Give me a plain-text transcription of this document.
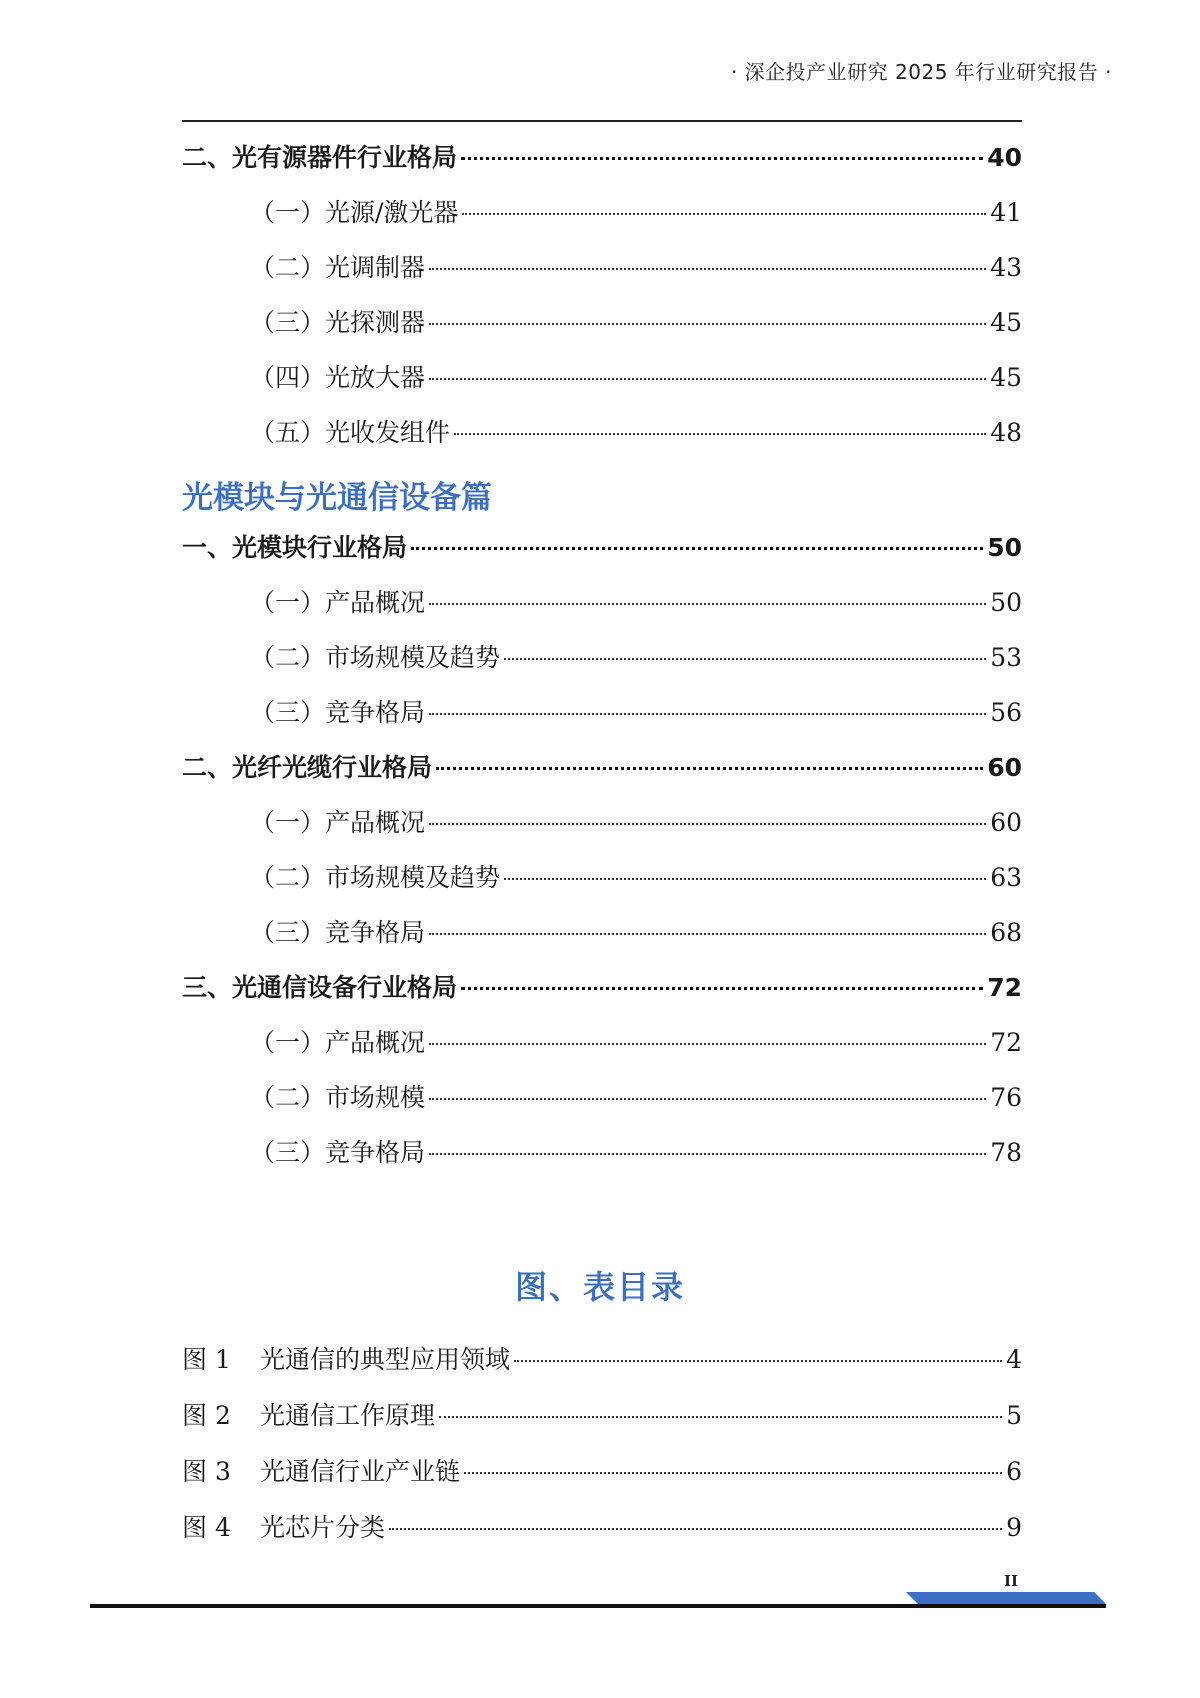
· 深企投产业研究 2025 年行业研究报告 ·
二、光有源器件行业格局	40
（一）光源/激光器	41
（二）光调制器	43
（三）光探测器	45
（四）光放大器	45
（五）光收发组件	48
光模块与光通信设备篇
一、光模块行业格局	50
（一）产品概况	50
（二）市场规模及趋势	53
（三）竞争格局	56
二、光纤光缆行业格局	60
（一）产品概况	60
（二）市场规模及趋势	63
（三）竞争格局	68
三、光通信设备行业格局	72
（一）产品概况	72
（二）市场规模	76
（三）竞争格局	78
图、表目录
图 1	光通信的典型应用领域	4
图 2	光通信工作原理	5
图 3	光通信行业产业链	6
图 4	光芯片分类	9
II
